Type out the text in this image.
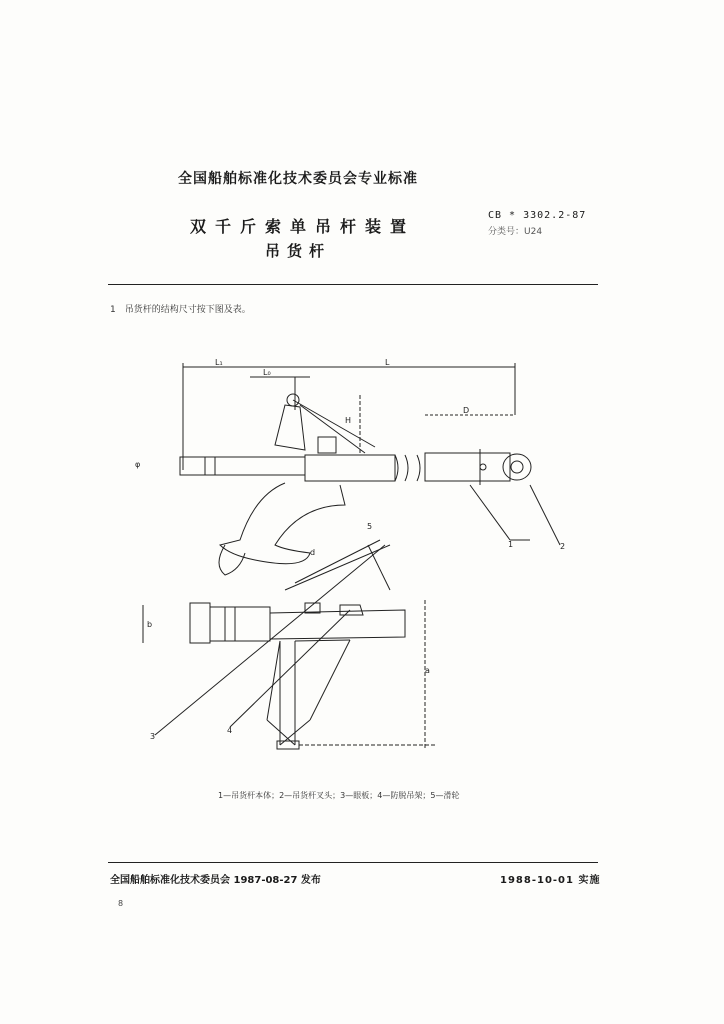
全国船舶标准化技术委员会专业标准
双千斤索单吊杆装置
吊货杆
CB * 3302.2-87
分类号：U24
1　吊货杆的结构尺寸按下图及表。
L₁	L
L₀
H
D
d
b
a
φ
1	2
3
4
5
1—吊货杆本体；2—吊货杆叉头；3—眼板；4—防脱吊架；5—滑轮
全国船舶标准化技术委员会 1987-08-27 发布	1988-10-01 实施
8
